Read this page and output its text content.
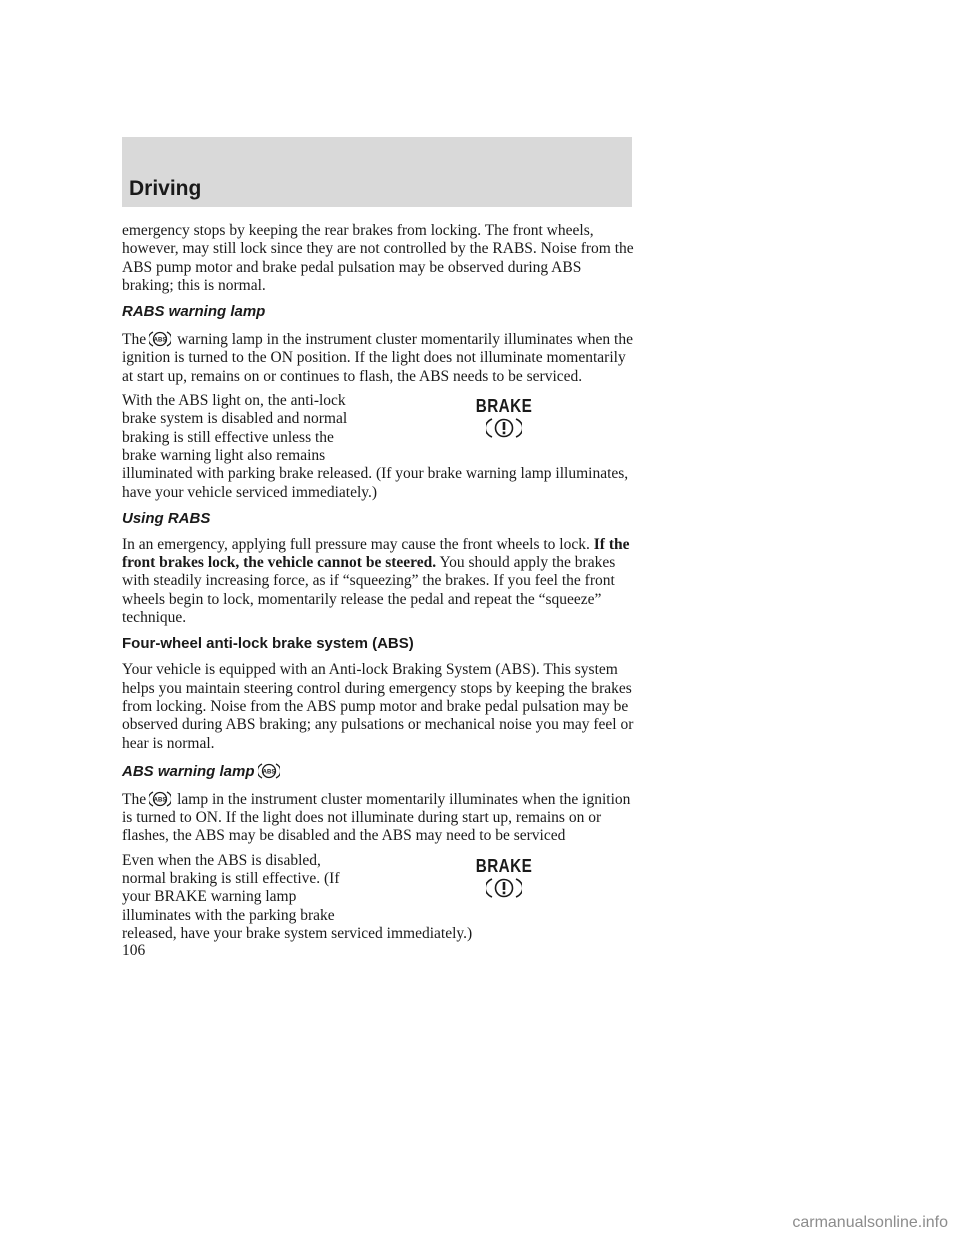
Driving

emergency stops by keeping the rear brakes from locking. The front wheels, however, may still lock since they are not controlled by the RABS. Noise from the ABS pump motor and brake pedal pulsation may be observed during ABS braking; this is normal.

RABS warning lamp

The ABS warning lamp in the instrument cluster momentarily illuminates when the ignition is turned to the ON position. If the light does not illuminate momentarily at start up, remains on or continues to flash, the ABS needs to be serviced.

BRAKE

With the ABS light on, the anti-lock
brake system is disabled and normal
braking is still effective unless the
brake warning light also remains
illuminated with parking brake released. (If your brake warning lamp illuminates, have your vehicle serviced immediately.)

Using RABS

In an emergency, applying full pressure may cause the front wheels to lock. If the front brakes lock, the vehicle cannot be steered. You should apply the brakes with steadily increasing force, as if “squeezing” the brakes. If you feel the front wheels begin to lock, momentarily release the pedal and repeat the “squeeze” technique.

Four-wheel anti-lock brake system (ABS)

Your vehicle is equipped with an Anti-lock Braking System (ABS). This system helps you maintain steering control during emergency stops by keeping the brakes from locking. Noise from the ABS pump motor and brake pedal pulsation may be observed during ABS braking; any pulsations or mechanical noise you may feel or hear is normal.

ABS warning lamp ABS

The ABS lamp in the instrument cluster momentarily illuminates when the ignition is turned to ON. If the light does not illuminate during start up, remains on or flashes, the ABS may be disabled and the ABS may need to be serviced

BRAKE

Even when the ABS is disabled,
normal braking is still effective. (If
your BRAKE warning lamp
illuminates with the parking brake
released, have your brake system serviced immediately.)

106
carmanualsonline.info
